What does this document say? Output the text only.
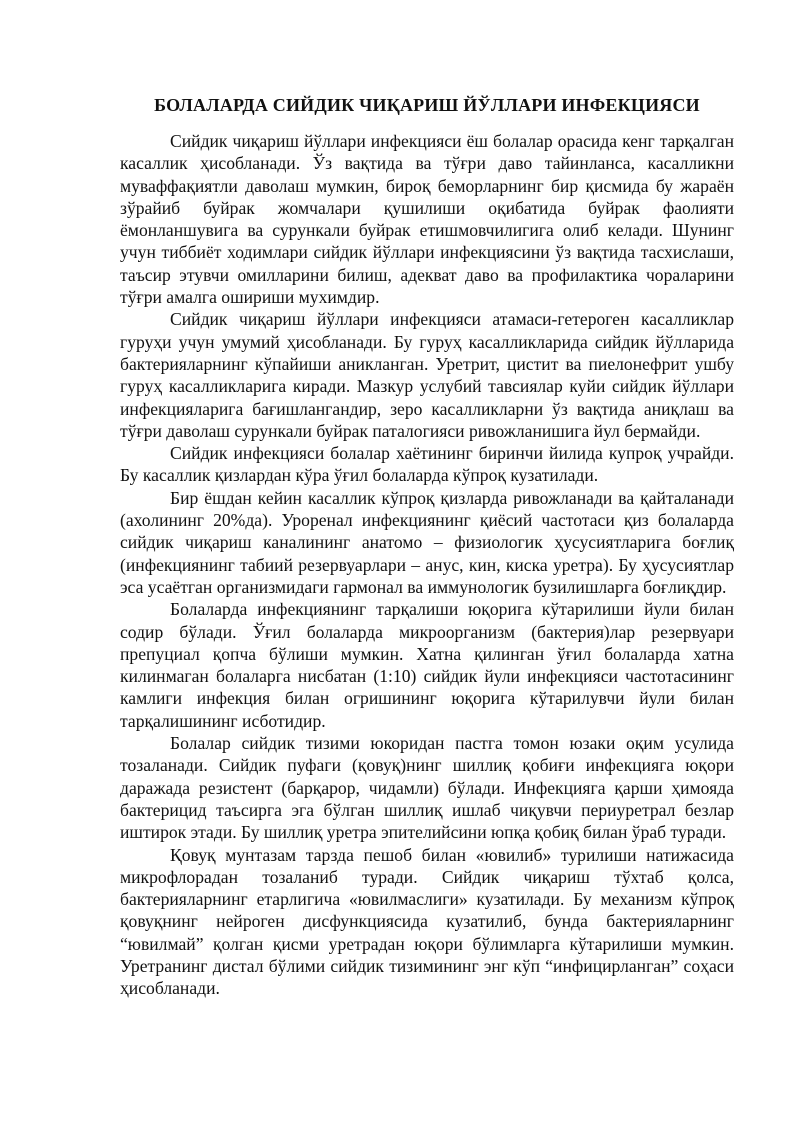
БОЛАЛАРДА СИЙДИК ЧИҚАРИШ ЙЎЛЛАРИ ИНФЕКЦИЯСИ

Сийдик чиқариш йўллари инфекцияси ёш болалар орасида кенг тарқалган касаллик ҳисобланади. Ўз вақтида ва тўғри даво тайинланса, касалликни муваффақиятли даволаш мумкин, бироқ беморларнинг бир қисмида бу жараён зўрайиб буйрак жомчалари қушилиши оқибатида буйрак фаолияти ёмонланшувига ва сурункали буйрак етишмовчилигига олиб келади. Шунинг учун тиббиёт ходимлари сийдик йўллари инфекциясини ўз вақтида тасхислаши, таъсир этувчи омилларини билиш, адекват даво ва профилактика чораларини тўғри амалга ошириши мухимдир.

Сийдик чиқариш йўллари инфекцияси атамаси-гетероген касалликлар гуруҳи учун умумий ҳисобланади. Бу гуруҳ касалликларида сийдик йўлларида бактерияларнинг кўпайиши аникланган. Уретрит, цистит ва пиелонефрит ушбу гуруҳ касалликларига киради. Мазкур услубий тавсиялар куйи сийдик йўллари инфекцияларига бағишлангандир, зеро касалликларни ўз вақтида аниқлаш ва тўғри даволаш сурункали буйрак паталогияси ривожланишига йул бермайди.

Сийдик инфекцияси болалар хаётининг биринчи йилида купроқ учрайди. Бу касаллик қизлардан кўра ўғил болаларда кўпроқ кузатилади.

Бир ёшдан кейин касаллик кўпроқ қизларда ривожланади ва қайталанади (ахолининг 20%да). Уроренал инфекциянинг қиёсий частотаси қиз болаларда сийдик чиқариш каналининг анатомо – физиологик ҳусусиятларига боғлиқ (инфекциянинг табиий резервуарлари – анус, кин, киска уретра). Бу ҳусусиятлар эса усаётган организмидаги гармонал ва иммунологик бузилишларга боғлиқдир.

Болаларда инфекциянинг тарқалиши юқорига кўтарилиши йули билан содир бўлади. Ўғил болаларда микроорганизм (бактерия)лар резервуари препуциал қопча бўлиши мумкин. Хатна қилинган ўғил болаларда хатна килинмаган болаларга нисбатан (1:10) сийдик йули инфекцияси частотасининг камлиги инфекция билан огришининг юқорига кўтарилувчи йули билан тарқалишининг исботидир.

Болалар сийдик тизими юкоридан пастга томон юзаки оқим усулида тозаланади. Сийдик пуфаги (қовуқ)нинг шиллиқ қобиғи инфекцияга юқори даражада резистент (барқарор, чидамли) бўлади. Инфекцияга қарши ҳимояда бактерицид таъсирга эга бўлган шиллиқ ишлаб чиқувчи периуретрал безлар иштирок этади. Бу шиллиқ уретра эпителийсини юпқа қобиқ билан ўраб туради.

Қовуқ мунтазам тарзда пешоб билан «ювилиб» турилиши натижасида микрофлорадан тозаланиб туради. Сийдик чиқариш тўхтаб қолса, бактерияларнинг етарлигича «ювилмаслиги» кузатилади. Бу механизм кўпроқ қовуқнинг нейроген дисфункциясида кузатилиб, бунда бактерияларнинг “ювилмай” қолган қисми уретрадан юқори бўлимларга кўтарилиши мумкин. Уретранинг дистал бўлими сийдик тизимининг энг кўп “инфицирланган” соҳаси ҳисобланади.
